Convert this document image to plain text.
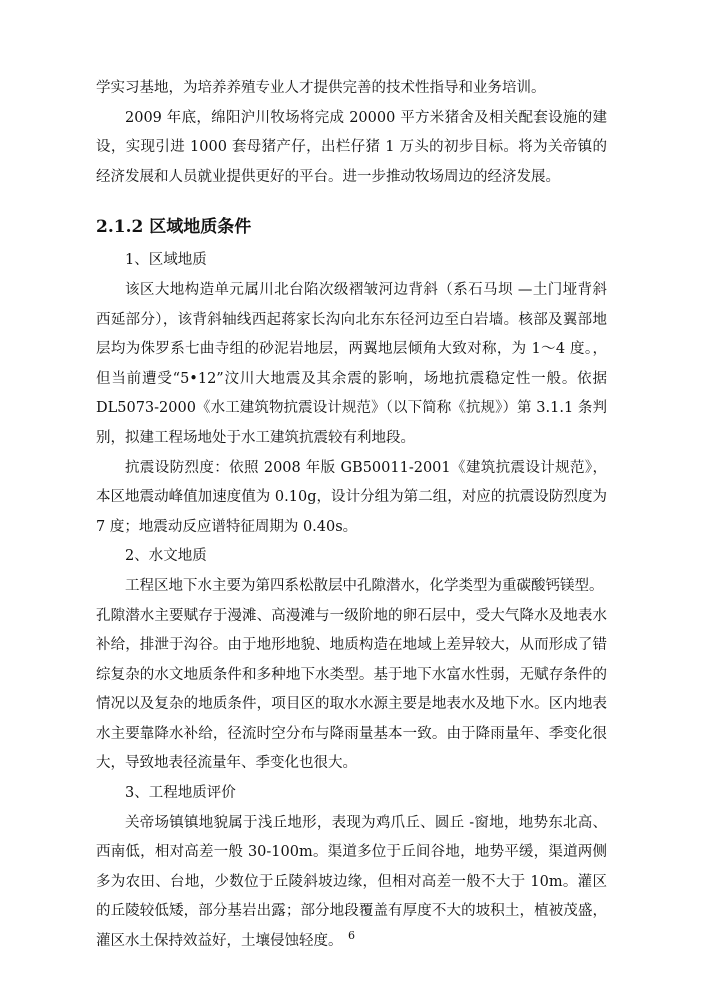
学实习基地，为培养养殖专业人才提供完善的技术性指导和业务培训。

2009 年底，绵阳沪川牧场将完成 20000 平方米猪舍及相关配套设施的建设，实现引进 1000 套母猪产仔，出栏仔猪 1 万头的初步目标。将为关帝镇的经济发展和人员就业提供更好的平台。进一步推动牧场周边的经济发展。

2.1.2 区域地质条件

1、区域地质

该区大地构造单元属川北台陷次级褶皱河边背斜（系石马坝 —土门垭背斜西延部分），该背斜轴线西起蒋家长沟向北东东径河边至白岩墙。核部及翼部地层均为侏罗系七曲寺组的砂泥岩地层，两翼地层倾角大致对称，为 1～4 度。，但当前遭受“5•12”汶川大地震及其余震的影响，场地抗震稳定性一般。依据 DL5073-2000《水工建筑物抗震设计规范》（以下简称《抗规》）第 3.1.1 条判别，拟建工程场地处于水工建筑抗震较有利地段。

抗震设防烈度：依照 2008 年版 GB50011-2001《建筑抗震设计规范》，本区地震动峰值加速度值为 0.10g，设计分组为第二组，对应的抗震设防烈度为 7 度；地震动反应谱特征周期为 0.40s。

2、水文地质

工程区地下水主要为第四系松散层中孔隙潜水，化学类型为重碳酸钙镁型。

孔隙潜水主要赋存于漫滩、高漫滩与一级阶地的卵石层中，受大气降水及地表水补给，排泄于沟谷。由于地形地貌、地质构造在地域上差异较大，从而形成了错综复杂的水文地质条件和多种地下水类型。基于地下水富水性弱，无赋存条件的情况以及复杂的地质条件，项目区的取水水源主要是地表水及地下水。区内地表水主要靠降水补给，径流时空分布与降雨量基本一致。由于降雨量年、季变化很大，导致地表径流量年、季变化也很大。

3、工程地质评价

关帝场镇镇地貌属于浅丘地形，表现为鸡爪丘、圆丘 -窗地，地势东北高、西南低，相对高差一般 30-100m。渠道多位于丘间谷地，地势平缓，渠道两侧多为农田、台地，少数位于丘陵斜坡边缘，但相对高差一般不大于 10m。灌区的丘陵较低矮，部分基岩出露；部分地段覆盖有厚度不大的坡积土，植被茂盛，灌区水土保持效益好，土壤侵蚀轻度。 6
